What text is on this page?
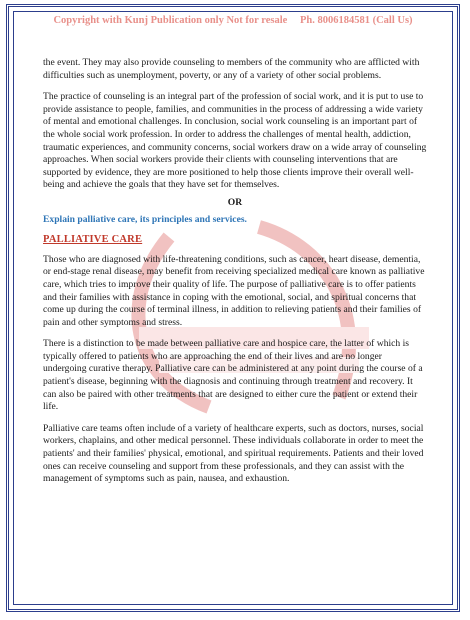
Copyright with Kunj Publication only Not for resale Ph. 8006184581 (Call Us)

the event. They may also provide counseling to members of the community who are afflicted with difficulties such as unemployment, poverty, or any of a variety of other social problems.

The practice of counseling is an integral part of the profession of social work, and it is put to use to provide assistance to people, families, and communities in the process of addressing a wide variety of mental and emotional challenges. In conclusion, social work counseling is an important part of the whole social work profession. In order to address the challenges of mental health, addiction, traumatic experiences, and community concerns, social workers draw on a wide array of counseling approaches. When social workers provide their clients with counseling interventions that are supported by evidence, they are more positioned to help those clients improve their overall well-being and achieve the goals that they have set for themselves.

OR
Explain palliative care, its principles and services.
PALLIATIVE CARE

Those who are diagnosed with life-threatening conditions, such as cancer, heart disease, dementia, or end-stage renal disease, may benefit from receiving specialized medical care known as palliative care, which tries to improve their quality of life. The purpose of palliative care is to offer patients and their families with assistance in coping with the emotional, social, and spiritual concerns that come up during the course of terminal illness, in addition to relieving patients and their families of pain and other symptoms and stress.

There is a distinction to be made between palliative care and hospice care, the latter of which is typically offered to patients who are approaching the end of their lives and are no longer undergoing curative therapy. Palliative care can be administered at any point during the course of a patient's disease, beginning with the diagnosis and continuing through treatment and recovery. It can also be paired with other treatments that are designed to either cure the patient or extend their life.

Palliative care teams often include of a variety of healthcare experts, such as doctors, nurses, social workers, chaplains, and other medical personnel. These individuals collaborate in order to meet the patients' and their families' physical, emotional, and spiritual requirements. Patients and their loved ones can receive counseling and support from these professionals, and they can assist with the management of symptoms such as pain, nausea, and exhaustion.
